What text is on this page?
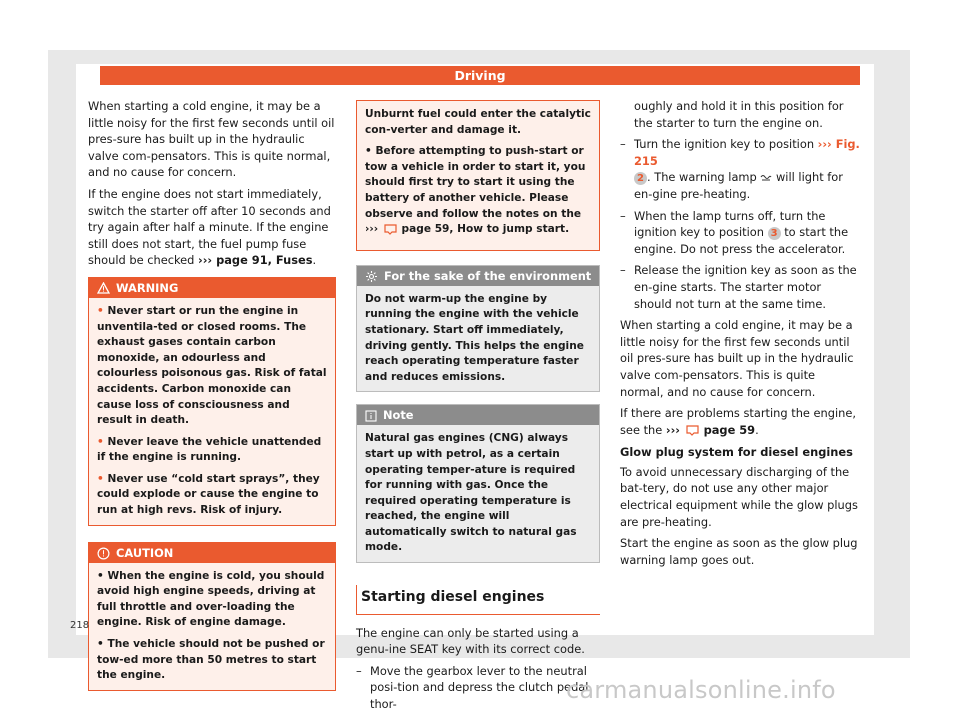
Driving

When starting a cold engine, it may be a little noisy for the first few seconds until oil pres-sure has built up in the hydraulic valve com-pensators. This is quite normal, and no cause for concern.

If the engine does not start immediately, switch the starter off after 10 seconds and try again after half a minute. If the engine still does not start, the fuel pump fuse should be checked ››› page 91, Fuses.

WARNING

• Never start or run the engine in unventila-ted or closed rooms. The exhaust gases contain carbon monoxide, an odourless and colourless poisonous gas. Risk of fatal accidents. Carbon monoxide can cause loss of consciousness and result in death.

• Never leave the vehicle unattended if the engine is running.

• Never use “cold start sprays”, they could explode or cause the engine to run at high revs. Risk of injury.

CAUTION

• When the engine is cold, you should avoid high engine speeds, driving at full throttle and over-loading the engine. Risk of engine damage.

• The vehicle should not be pushed or tow-ed more than 50 metres to start the engine.

Unburnt fuel could enter the catalytic con-verter and damage it.

• Before attempting to push-start or tow a vehicle in order to start it, you should first try to start it using the battery of another vehicle. Please observe and follow the notes on the ›››  page 59, How to jump start.

For the sake of the environment
Do not warm-up the engine by running the engine with the vehicle stationary. Start off immediately, driving gently. This helps the engine reach operating temperature faster and reduces emissions.
Note
Natural gas engines (CNG) always start up with petrol, as a certain operating temper-ature is required for running with gas. Once the required operating temperature is reached, the engine will automatically switch to natural gas mode.
Starting diesel engines

The engine can only be started using a genu-ine SEAT key with its correct code.

– Move the gearbox lever to the neutral posi-tion and depress the clutch pedal thor-
oughly and hold it in this position for the starter to turn the engine on.
– Turn the ignition key to position ››› Fig. 215
2 . The warning lamp  will light for en-gine pre-heating.
– When the lamp turns off, turn the ignition key to position 3 to start the engine. Do not press the accelerator.
– Release the ignition key as soon as the en-gine starts. The starter motor should not turn at the same time.

When starting a cold engine, it may be a little noisy for the first few seconds until oil pres-sure has built up in the hydraulic valve com-pensators. This is quite normal, and no cause for concern.

If there are problems starting the engine, see the ›››  page 59.

Glow plug system for diesel engines

To avoid unnecessary discharging of the bat-tery, do not use any other major electrical equipment while the glow plugs are pre-heating.

Start the engine as soon as the glow plug warning lamp goes out.

218
carmanualsonline.info
